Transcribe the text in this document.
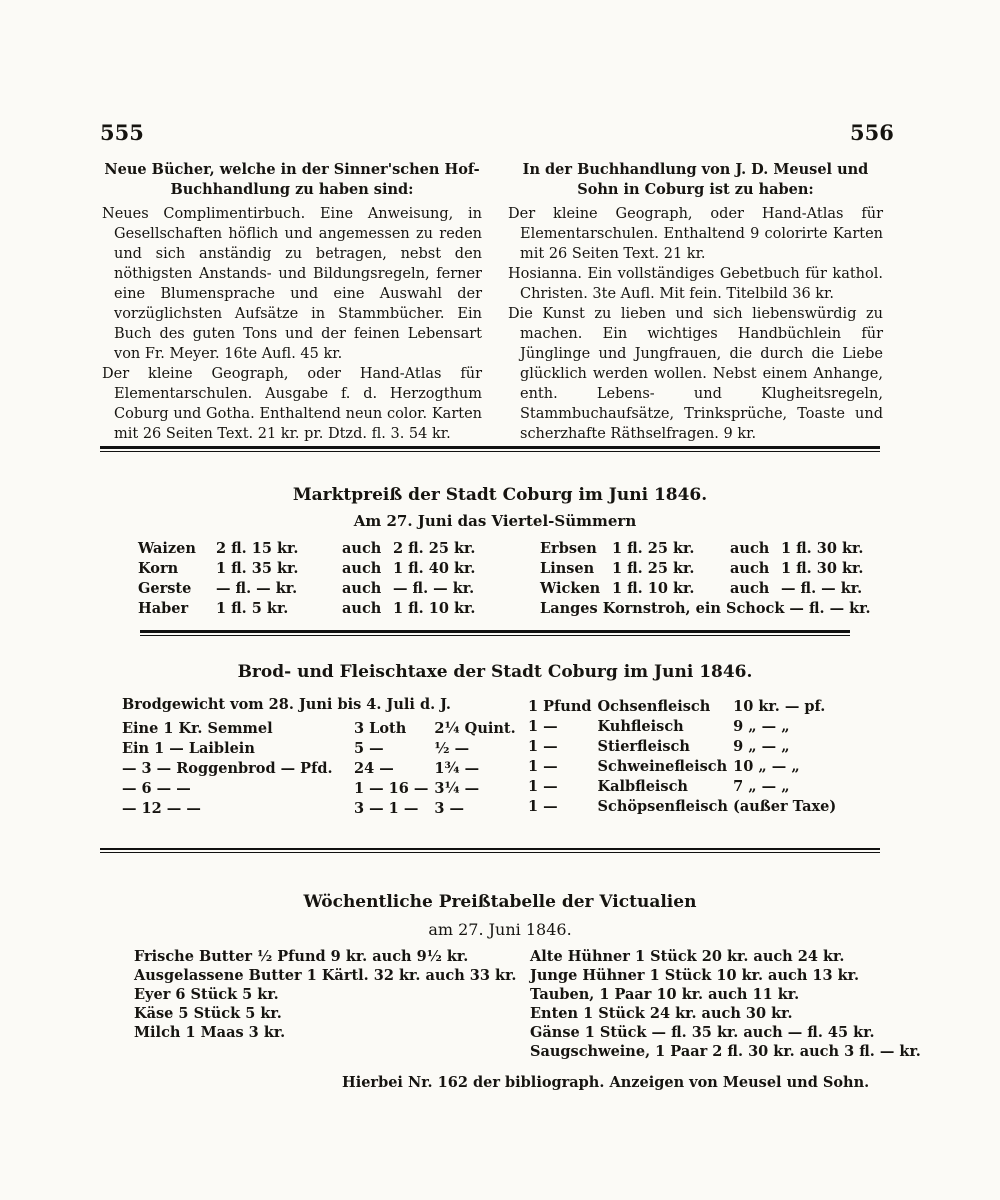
555	556

Neue Bücher, welche in der Sinner'schen Hof-Buchhandlung zu haben sind:

Neues Complimentirbuch. Eine Anweisung, in Gesellschaften höflich und angemessen zu reden und sich anständig zu betragen, nebst den nöthigsten Anstands- und Bildungsregeln, ferner eine Blumensprache und eine Auswahl der vorzüglichsten Aufsätze in Stammbücher. Ein Buch des guten Tons und der feinen Lebensart von Fr. Meyer. 16te Aufl. 45 kr.

Der kleine Geograph, oder Hand-Atlas für Elementarschulen. Ausgabe f. d. Herzogthum Coburg und Gotha. Enthaltend neun color. Karten mit 26 Seiten Text. 21 kr. pr. Dtzd. fl. 3. 54 kr.

In der Buchhandlung von J. D. Meusel und Sohn in Coburg ist zu haben:

Der kleine Geograph, oder Hand-Atlas für Elementarschulen. Enthaltend 9 colorirte Karten mit 26 Seiten Text. 21 kr.

Hosianna. Ein vollständiges Gebetbuch für kathol. Christen. 3te Aufl. Mit fein. Titelbild 36 kr.

Die Kunst zu lieben und sich liebenswürdig zu machen. Ein wichtiges Handbüchlein für Jünglinge und Jungfrauen, die durch die Liebe glücklich werden wollen. Nebst einem Anhange, enth. Lebens- und Klugheitsregeln, Stammbuchaufsätze, Trinksprüche, Toaste und scherzhafte Räthselfragen. 9 kr.

Marktpreiß der Stadt Coburg im Juni 1846.
Am 27. Juni das Viertel-Sümmern
Waizen	2 fl. 15 kr.	auch	2 fl. 25 kr.
Korn	1 fl. 35 kr.	auch	1 fl. 40 kr.
Gerste	— fl. — kr.	auch	— fl. — kr.
Haber	1 fl. 5 kr.	auch	1 fl. 10 kr.
Erbsen	1 fl. 25 kr.	auch	1 fl. 30 kr.
Linsen	1 fl. 25 kr.	auch	1 fl. 30 kr.
Wicken	1 fl. 10 kr.	auch	— fl. — kr.
Langes Kornstroh, ein Schock — fl. — kr.			
Brod- und Fleischtaxe der Stadt Coburg im Juni 1846.
Brodgewicht vom 28. Juni bis 4. Juli d. J.
Eine 1 Kr. Semmel	3 Loth	2¼ Quint.
Ein 1 — Laiblein	5 —	½ —
— 3 — Roggenbrod — Pfd.	24 —	1¾ —
— 6 — —	1 — 16 —	3¼ —
— 12 — —	3 — 1 —	3 —
1 Pfund	Ochsenfleisch	10 kr. — pf.
1 —	Kuhfleisch	9 „ — „
1 —	Stierfleisch	9 „ — „
1 —	Schweinefleisch	10 „ — „
1 —	Kalbfleisch	7 „ — „
1 —	Schöpsenfleisch (außer Taxe)	
Wöchentliche Preißtabelle der Victualien
am 27. Juni 1846.
Frische Butter ½ Pfund 9 kr. auch 9½ kr.
Ausgelassene Butter 1 Kärtl. 32 kr. auch 33 kr.
Eyer 6 Stück 5 kr.
Käse 5 Stück 5 kr.
Milch 1 Maas 3 kr.
Alte Hühner 1 Stück 20 kr. auch 24 kr.
Junge Hühner 1 Stück 10 kr. auch 13 kr.
Tauben, 1 Paar 10 kr. auch 11 kr.
Enten 1 Stück 24 kr. auch 30 kr.
Gänse 1 Stück — fl. 35 kr. auch — fl. 45 kr.
Saugschweine, 1 Paar 2 fl. 30 kr. auch 3 fl. — kr.
Hierbei Nr. 162 der bibliograph. Anzeigen von Meusel und Sohn.
